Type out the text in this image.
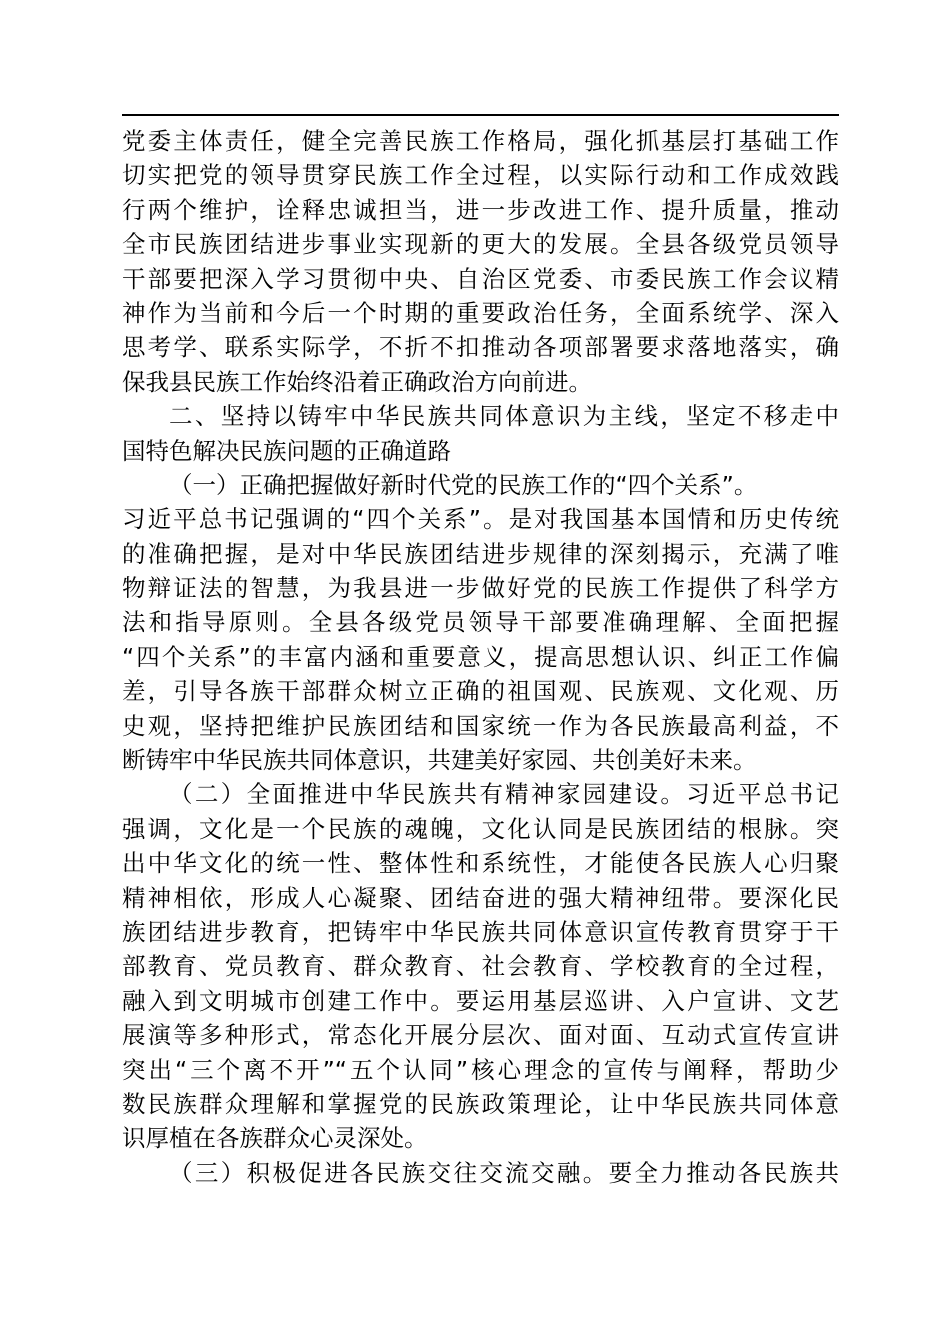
党委主体责任，健全完善民族工作格局，强化抓基层打基础工作
切实把党的领导贯穿民族工作全过程，以实际行动和工作成效践
行两个维护，诠释忠诚担当，进一步改进工作、提升质量，推动
全市民族团结进步事业实现新的更大的发展。全县各级党员领导
干部要把深入学习贯彻中央、自治区党委、市委民族工作会议精
神作为当前和今后一个时期的重要政治任务，全面系统学、深入
思考学、联系实际学，不折不扣推动各项部署要求落地落实，确
保我县民族工作始终沿着正确政治方向前进。
二、坚持以铸牢中华民族共同体意识为主线，坚定不移走中
国特色解决民族问题的正确道路
（一）正确把握做好新时代党的民族工作的“四个关系”。
习近平总书记强调的“四个关系”。是对我国基本国情和历史传统
的准确把握，是对中华民族团结进步规律的深刻揭示，充满了唯
物辩证法的智慧，为我县进一步做好党的民族工作提供了科学方
法和指导原则。全县各级党员领导干部要准确理解、全面把握
“四个关系”的丰富内涵和重要意义，提高思想认识、纠正工作偏
差，引导各族干部群众树立正确的祖国观、民族观、文化观、历
史观，坚持把维护民族团结和国家统一作为各民族最高利益，不
断铸牢中华民族共同体意识，共建美好家园、共创美好未来。
（二）全面推进中华民族共有精神家园建设。习近平总书记
强调，文化是一个民族的魂魄，文化认同是民族团结的根脉。突
出中华文化的统一性、整体性和系统性，才能使各民族人心归聚
精神相依，形成人心凝聚、团结奋进的强大精神纽带。要深化民
族团结进步教育，把铸牢中华民族共同体意识宣传教育贯穿于干
部教育、党员教育、群众教育、社会教育、学校教育的全过程，
融入到文明城市创建工作中。要运用基层巡讲、入户宣讲、文艺
展演等多种形式，常态化开展分层次、面对面、互动式宣传宣讲
突出“三个离不开”“五个认同”核心理念的宣传与阐释，帮助少
数民族群众理解和掌握党的民族政策理论，让中华民族共同体意
识厚植在各族群众心灵深处。
（三）积极促进各民族交往交流交融。要全力推动各民族共
